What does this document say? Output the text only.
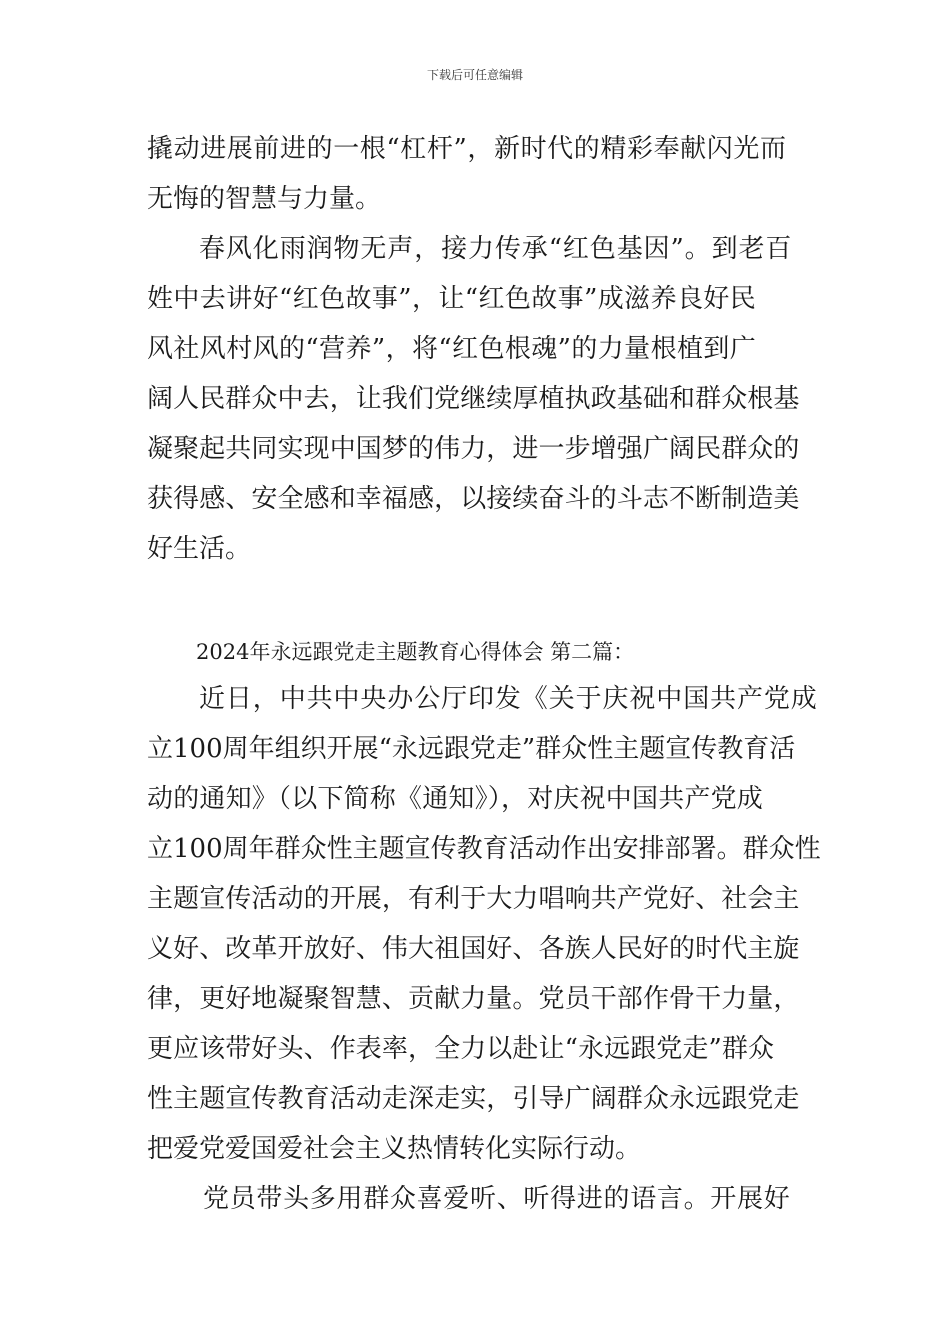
下载后可任意编辑
撬动进展前进的一根“杠杆”，新时代的精彩奉献闪光而
无悔的智慧与力量。
春风化雨润物无声，接力传承“红色基因”。到老百
姓中去讲好“红色故事”，让“红色故事”成滋养良好民
风社风村风的“营养”，将“红色根魂”的力量根植到广
阔人民群众中去，让我们党继续厚植执政基础和群众根基
凝聚起共同实现中国梦的伟力，进一步增强广阔民群众的
获得感、安全感和幸福感，以接续奋斗的斗志不断制造美
好生活。
2024年永远跟党走主题教育心得体会 第二篇：
近日，中共中央办公厅印发《关于庆祝中国共产党成
立100周年组织开展“永远跟党走”群众性主题宣传教育活
动的通知》（以下简称《通知》），对庆祝中国共产党成
立100周年群众性主题宣传教育活动作出安排部署。群众性
主题宣传活动的开展，有利于大力唱响共产党好、社会主
义好、改革开放好、伟大祖国好、各族人民好的时代主旋
律，更好地凝聚智慧、贡献力量。党员干部作骨干力量，
更应该带好头、作表率，全力以赴让“永远跟党走”群众
性主题宣传教育活动走深走实，引导广阔群众永远跟党走
把爱党爱国爱社会主义热情转化实际行动。
党员带头多用群众喜爱听、听得进的语言。开展好
